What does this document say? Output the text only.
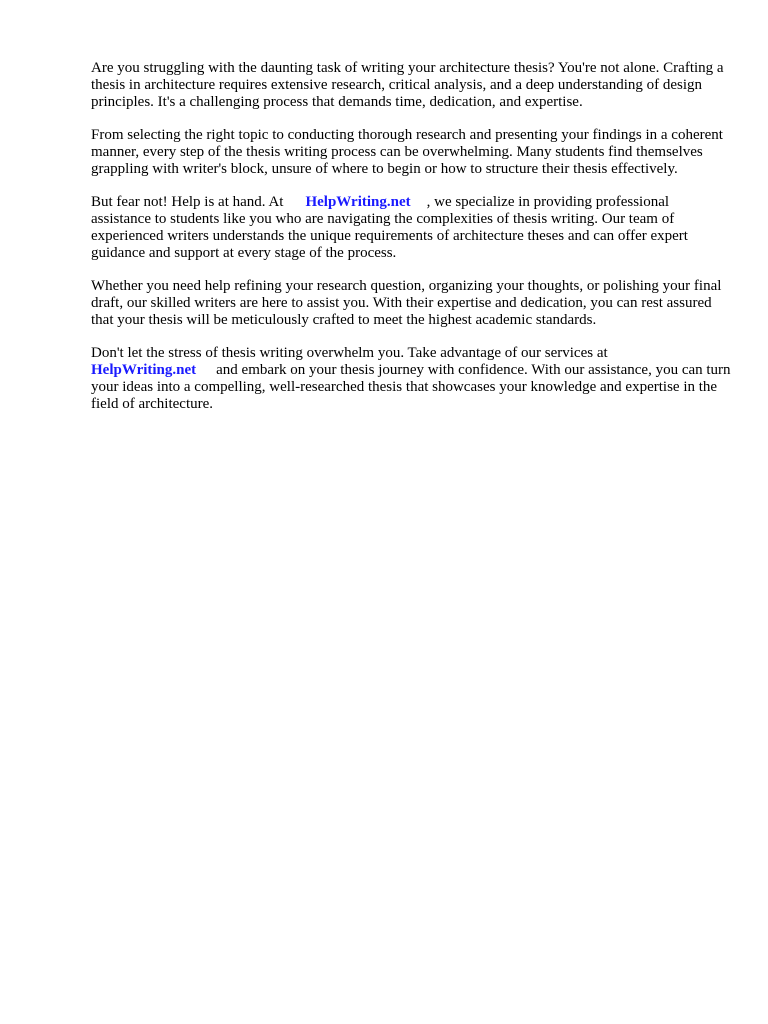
Are you struggling with the daunting task of writing your architecture thesis? You're not alone. Crafting a thesis in architecture requires extensive research, critical analysis, and a deep understanding of design principles. It's a challenging process that demands time, dedication, and expertise.

From selecting the right topic to conducting thorough research and presenting your findings in a coherent manner, every step of the thesis writing process can be overwhelming. Many students find themselves grappling with writer's block, unsure of where to begin or how to structure their thesis effectively.

But fear not! Help is at hand. At HelpWriting.net , we specialize in providing professional assistance to students like you who are navigating the complexities of thesis writing. Our team of experienced writers understands the unique requirements of architecture theses and can offer expert guidance and support at every stage of the process.

Whether you need help refining your research question, organizing your thoughts, or polishing your final draft, our skilled writers are here to assist you. With their expertise and dedication, you can rest assured that your thesis will be meticulously crafted to meet the highest academic standards.

Don't let the stress of thesis writing overwhelm you. Take advantage of our services at
HelpWriting.net and embark on your thesis journey with confidence. With our assistance, you can turn your ideas into a compelling, well-researched thesis that showcases your knowledge and expertise in the field of architecture.
